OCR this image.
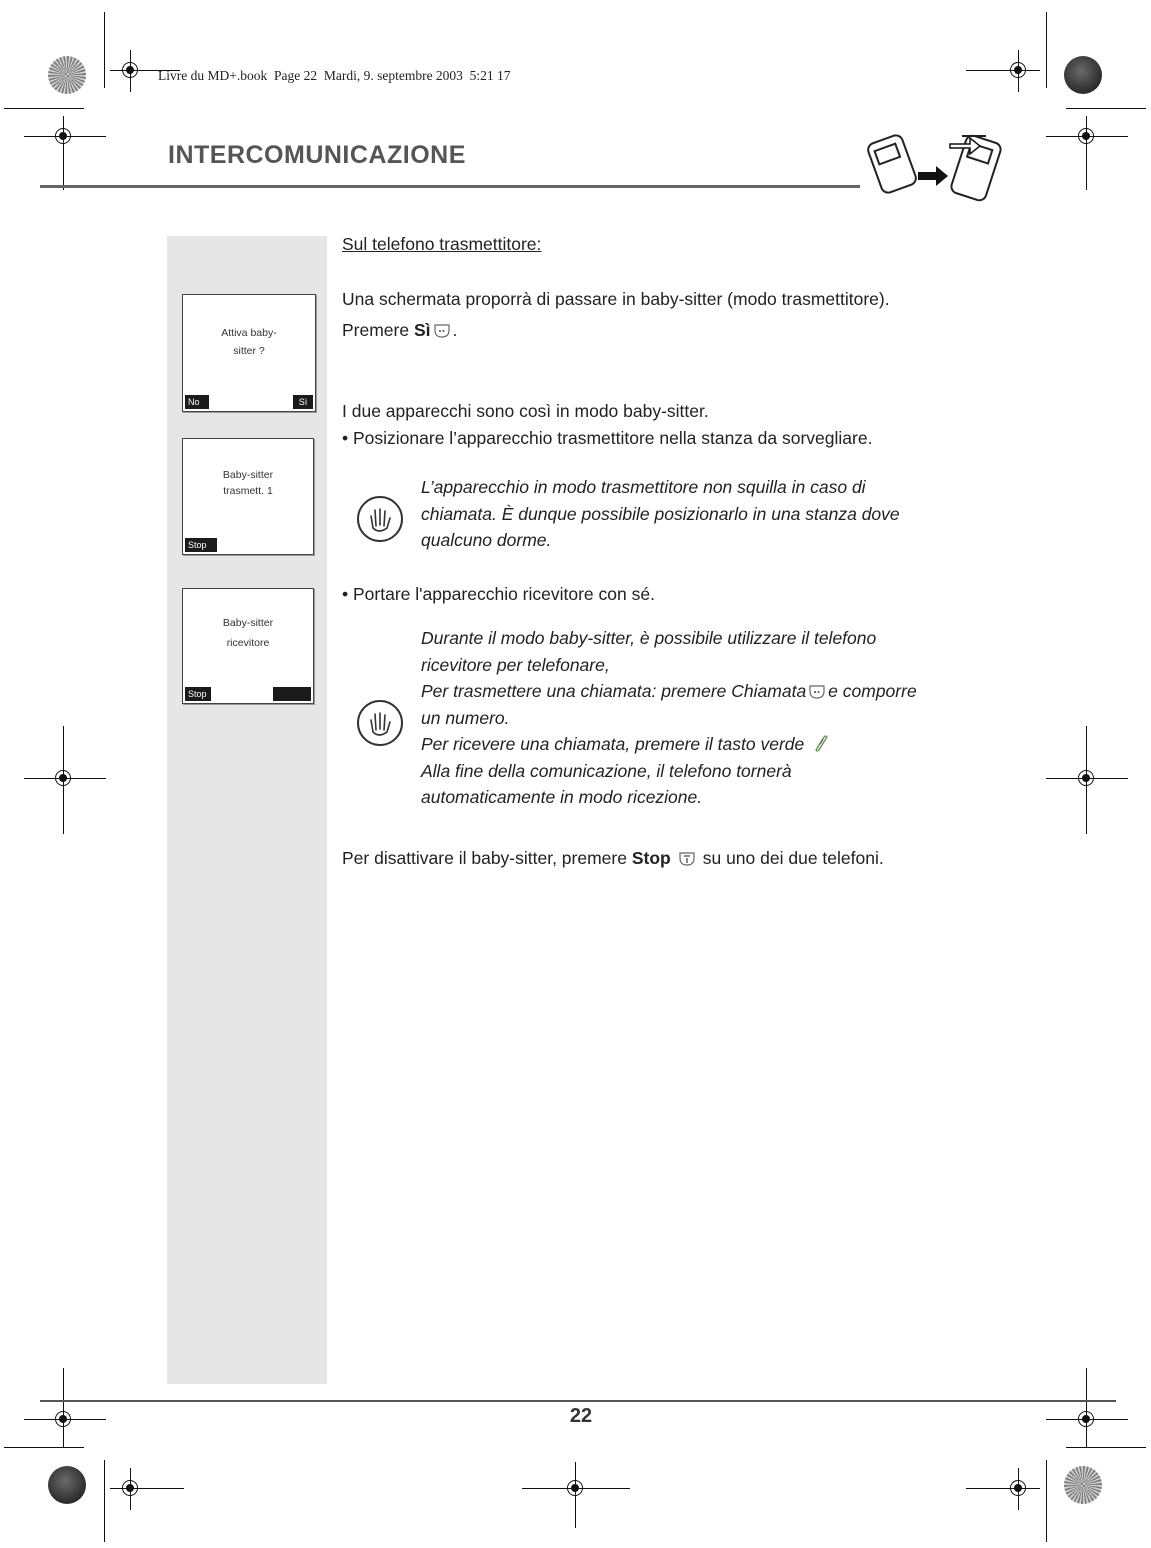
Livre du MD+.book  Page 22  Mardi, 9. septembre 2003  5:21 17
INTERCOMUNICAZIONE
Attiva baby-
sitter ?
No	Sì
Baby-sitter
trasmett. 1
Stop
Baby-sitter
ricevitore
Stop
Sul telefono trasmettitore:
Una schermata proporrà di passare in baby-sitter (modo trasmettitore).
Premere Sì .
I due apparecchi sono così in modo baby-sitter.
• Posizionare l’apparecchio trasmettitore nella stanza da sorvegliare.
L’apparecchio in modo trasmettitore non squilla in caso di
chiamata. È dunque possibile posizionarlo in una stanza dove
qualcuno dorme.
• Portare l'apparecchio ricevitore con sé.
Durante il modo baby-sitter, è possibile utilizzare il telefono
ricevitore per telefonare,
Per trasmettere una chiamata: premere Chiamata e comporre
un numero.
Per ricevere una chiamata, premere il tasto verde
Alla fine della comunicazione, il telefono tornerà
automaticamente in modo ricezione.
Per disattivare il baby-sitter, premere Stop su uno dei due telefoni.
22
